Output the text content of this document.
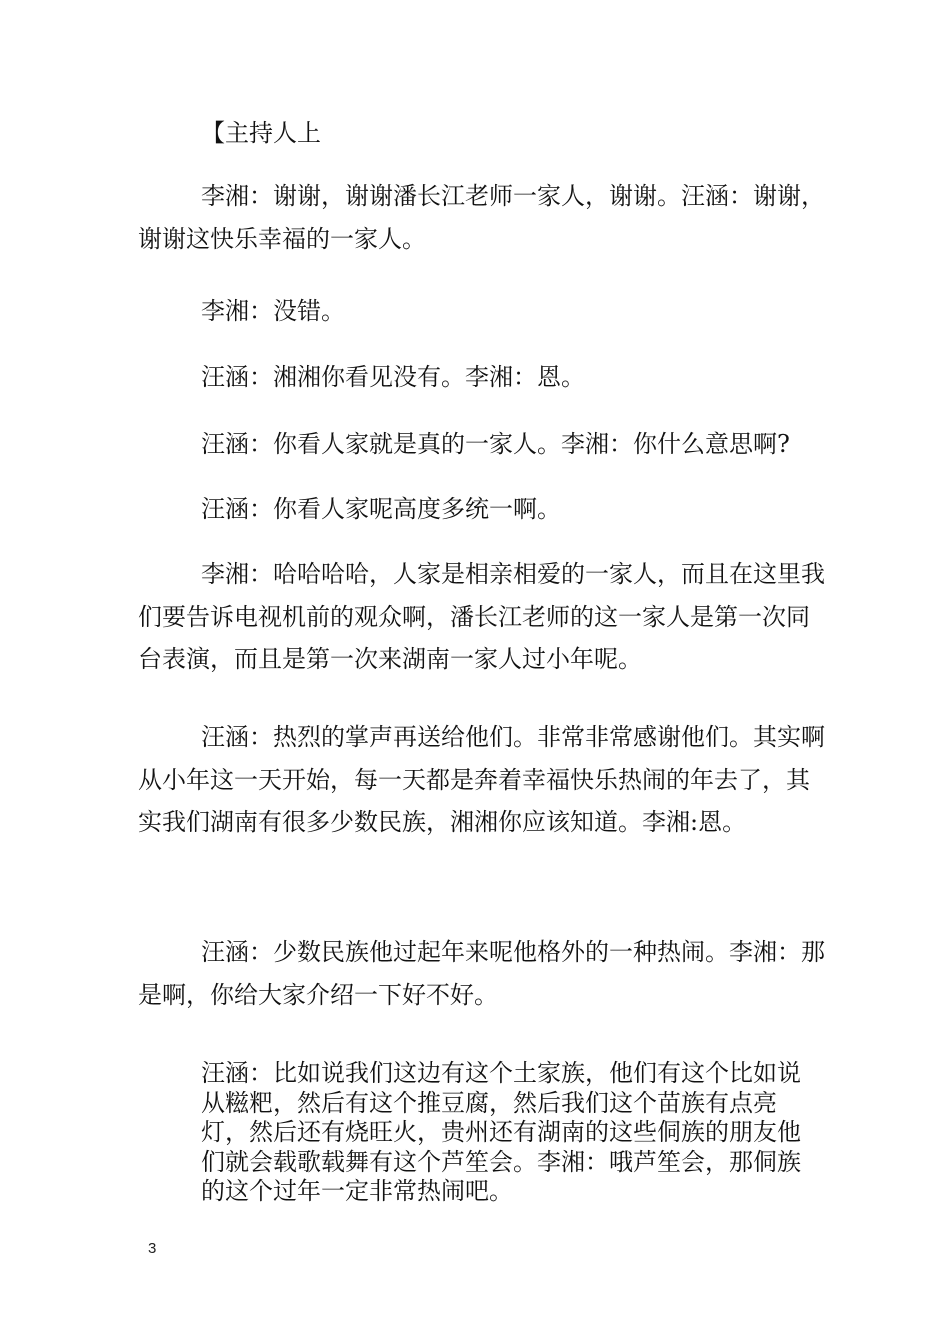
【主持人上

李湘：谢谢，谢谢潘长江老师一家人，谢谢。汪涵：谢谢，谢谢这快乐幸福的一家人。

李湘：没错。

汪涵：湘湘你看见没有。李湘：恩。

汪涵：你看人家就是真的一家人。李湘：你什么意思啊?

汪涵：你看人家呢高度多统一啊。

李湘：哈哈哈哈，人家是相亲相爱的一家人，而且在这里我们要告诉电视机前的观众啊，潘长江老师的这一家人是第一次同台表演，而且是第一次来湖南一家人过小年呢。

汪涵：热烈的掌声再送给他们。非常非常感谢他们。其实啊从小年这一天开始，每一天都是奔着幸福快乐热闹的年去了，其实我们湖南有很多少数民族，湘湘你应该知道。李湘:恩。

汪涵：少数民族他过起年来呢他格外的一种热闹。李湘：那是啊，你给大家介绍一下好不好。

汪涵：比如说我们这边有这个土家族，他们有这个比如说从糍粑，然后有这个推豆腐，然后我们这个苗族有点亮灯，然后还有烧旺火，贵州还有湖南的这些侗族的朋友他们就会载歌载舞有这个芦笙会。李湘：哦芦笙会，那侗族的这个过年一定非常热闹吧。

3
